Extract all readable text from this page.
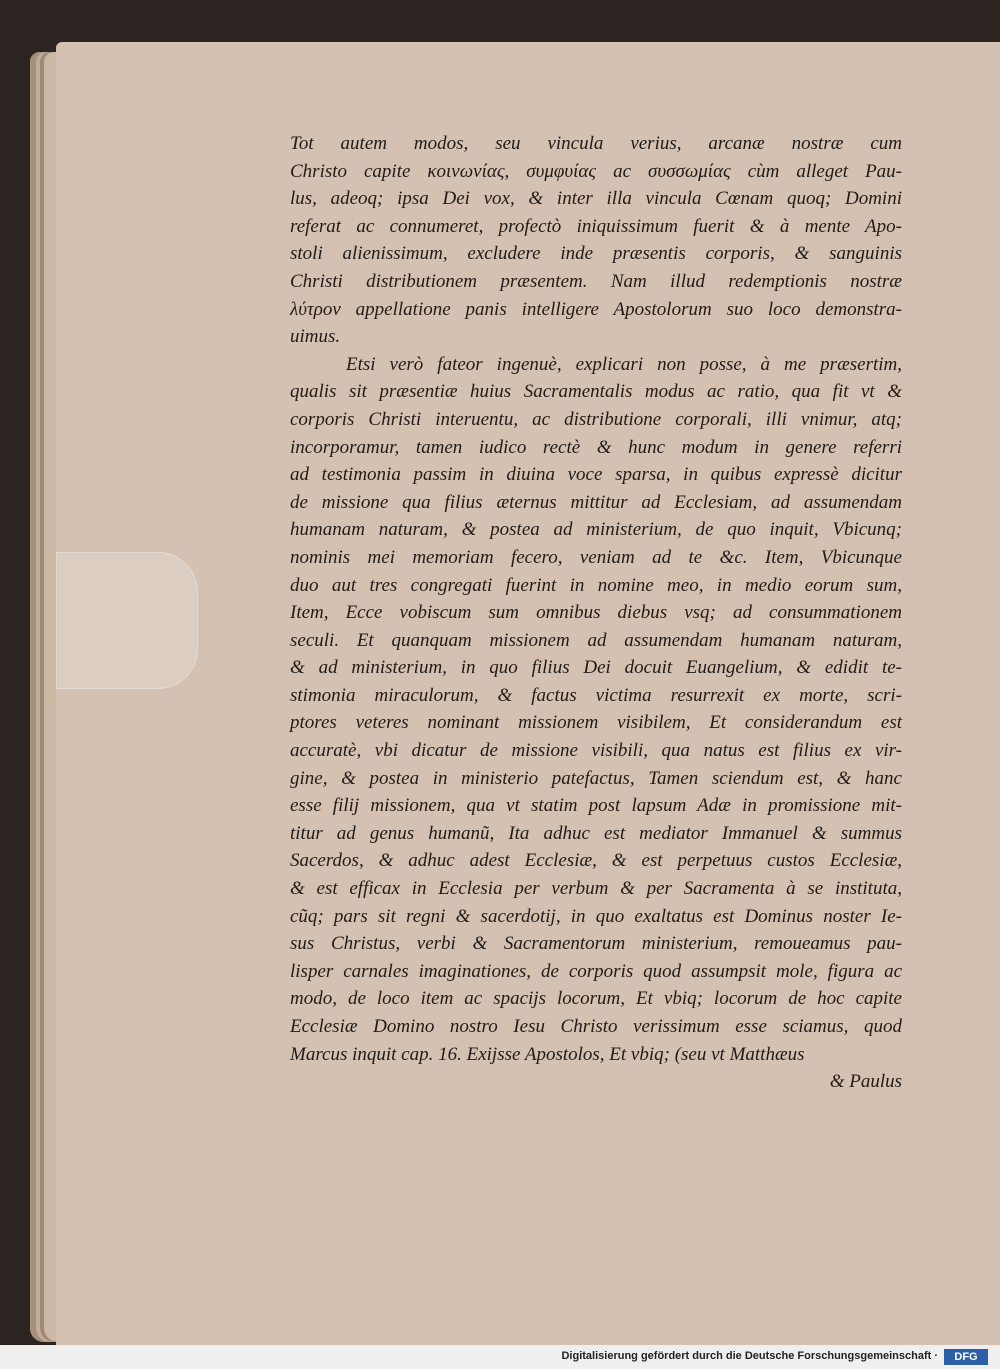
Tot autem modos, seu vincula verius, arcanæ nostræ cum
Christo capite κοινωνίας, συμφυίας ac συσσωμίας cùm alleget Pau-
lus, adeoq; ipsa Dei vox, & inter illa vincula Cœnam quoq; Domini
referat ac connumeret, profectò iniquissimum fuerit & à mente Apo-
stoli alienissimum, excludere inde præsentis corporis, & sanguinis
Christi distributionem præsentem. Nam illud redemptionis nostræ
λύτρον appellatione panis intelligere Apostolorum suo loco demonstra-
uimus.
Etsi verò fateor ingenuè, explicari non posse, à me præsertim,
qualis sit præsentiæ huius Sacramentalis modus ac ratio, qua fit vt &
corporis Christi interuentu, ac distributione corporali, illi vnimur, atq;
incorporamur, tamen iudico rectè & hunc modum in genere referri
ad testimonia passim in diuina voce sparsa, in quibus expressè dicitur
de missione qua filius æternus mittitur ad Ecclesiam, ad assumendam
humanam naturam, & postea ad ministerium, de quo inquit, Vbicunq;
nominis mei memoriam fecero, veniam ad te &c. Item, Vbicunque
duo aut tres congregati fuerint in nomine meo, in medio eorum sum,
Item, Ecce vobiscum sum omnibus diebus vsq; ad consummationem
seculi. Et quanquam missionem ad assumendam humanam naturam,
& ad ministerium, in quo filius Dei docuit Euangelium, & edidit te-
stimonia miraculorum, & factus victima resurrexit ex morte, scri-
ptores veteres nominant missionem visibilem, Et considerandum est
accuratè, vbi dicatur de missione visibili, qua natus est filius ex vir-
gine, & postea in ministerio patefactus, Tamen sciendum est, & hanc
esse filij missionem, qua vt statim post lapsum Adæ in promissione mit-
titur ad genus humanũ, Ita adhuc est mediator Immanuel & summus
Sacerdos, & adhuc adest Ecclesiæ, & est perpetuus custos Ecclesiæ,
& est efficax in Ecclesia per verbum & per Sacramenta à se instituta,
cũq; pars sit regni & sacerdotij, in quo exaltatus est Dominus noster Ie-
sus Christus, verbi & Sacramentorum ministerium, remoueamus pau-
lisper carnales imaginationes, de corporis quod assumpsit mole, figura ac
modo, de loco item ac spacijs locorum, Et vbiq; locorum de hoc capite
Ecclesiæ Domino nostro Iesu Christo verissimum esse sciamus, quod
Marcus inquit cap. 16. Exijsse Apostolos, Et vbiq; (seu vt Matthæus
& Paulus
Digitalisierung gefördert durch die Deutsche Forschungsgemeinschaft ·	DFG
